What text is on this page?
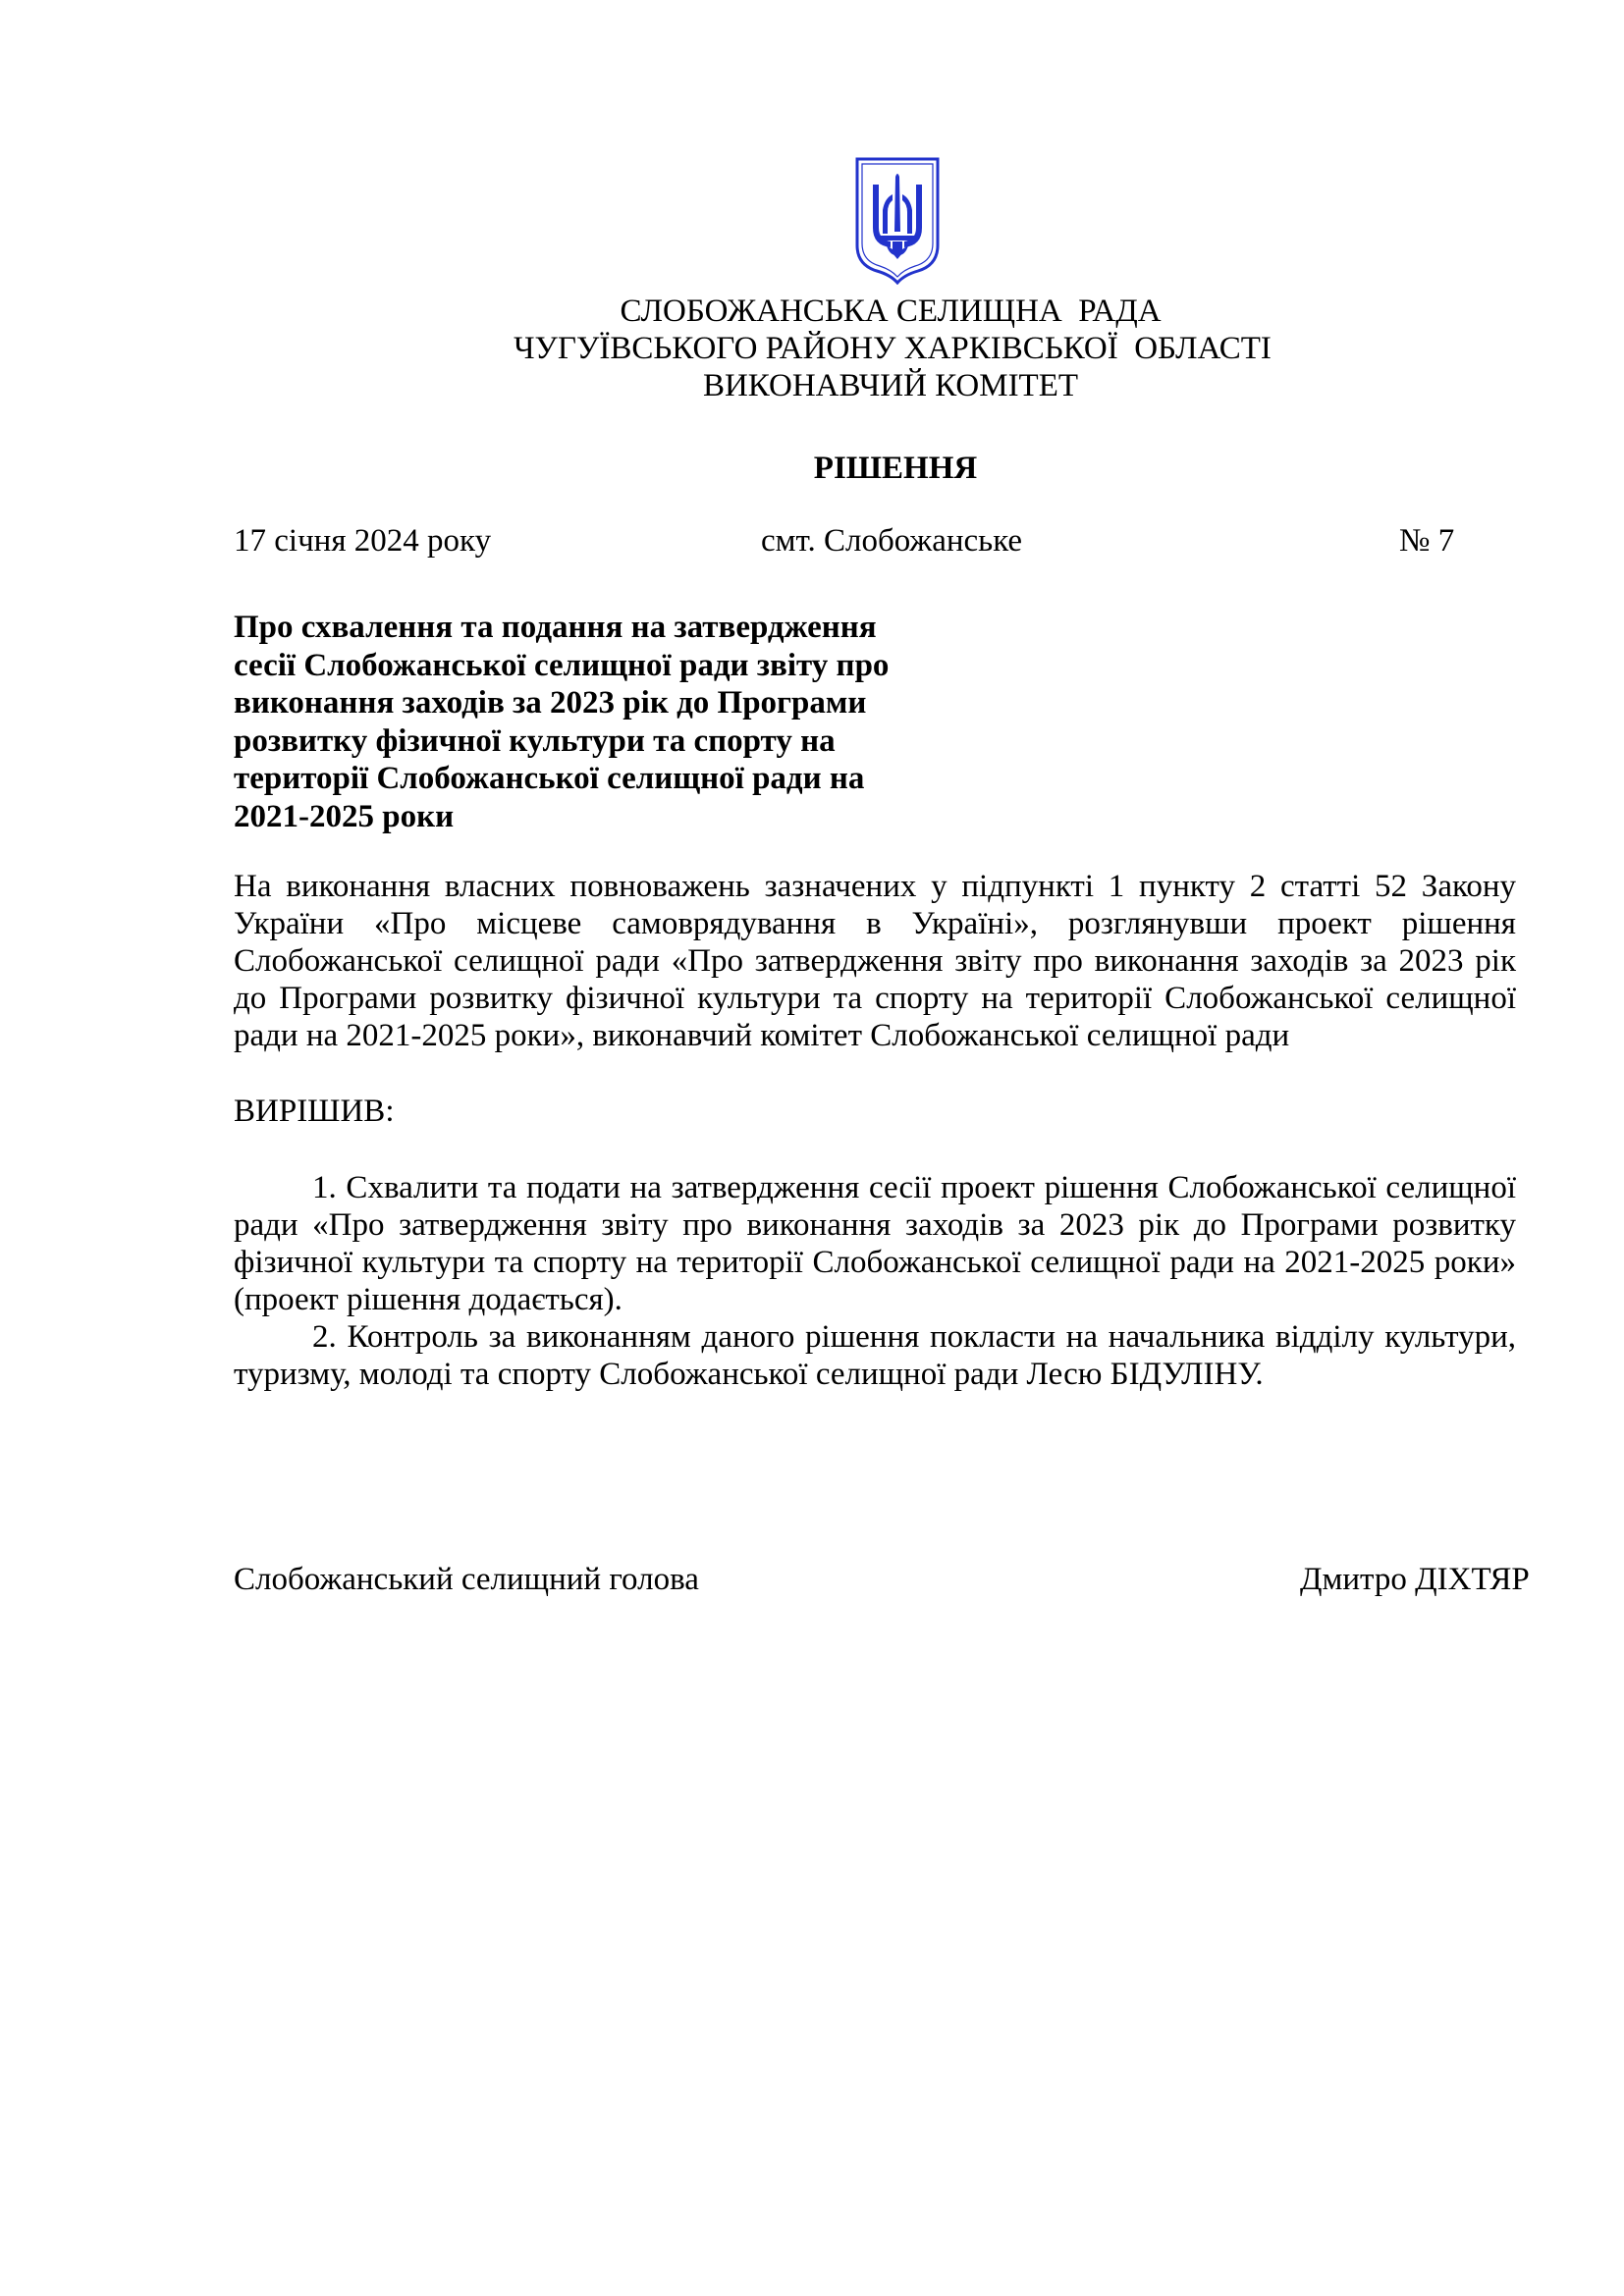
СЛОБОЖАНСЬКА СЕЛИЩНА  РАДА
ЧУГУЇВСЬКОГО РАЙОНУ ХАРКІВСЬКОЇ  ОБЛАСТІ
ВИКОНАВЧИЙ КОМІТЕТ
РІШЕННЯ
17 січня 2024 року	смт. Слобожанське	№ 7
Про схвалення та подання на затвердження сесії Слобожанської селищної ради звіту про виконання заходів за 2023 рік до Програми розвитку фізичної культури та спорту на території Слобожанської селищної ради на 2021-2025 роки
На виконання власних повноважень зазначених у підпункті 1 пункту 2 статті 52 Закону України «Про місцеве самоврядування в Україні», розглянувши проект рішення Слобожанської селищної ради «Про затвердження звіту про виконання заходів за 2023 рік до Програми розвитку фізичної культури та спорту на території Слобожанської селищної ради на 2021-2025 роки», виконавчий комітет Слобожанської селищної ради
ВИРІШИВ:

1. Схвалити та подати на затвердження сесії проект рішення Слобожанської селищної ради «Про затвердження звіту про виконання заходів за 2023 рік до Програми розвитку фізичної культури та спорту на території Слобожанської селищної ради на 2021-2025 роки» (проект рішення додається).

2. Контроль за виконанням даного рішення покласти на начальника відділу культури, туризму, молоді та спорту Слобожанської селищної ради Лесю БІДУЛІНУ.

Слобожанський селищний голова	Дмитро ДІХТЯР
